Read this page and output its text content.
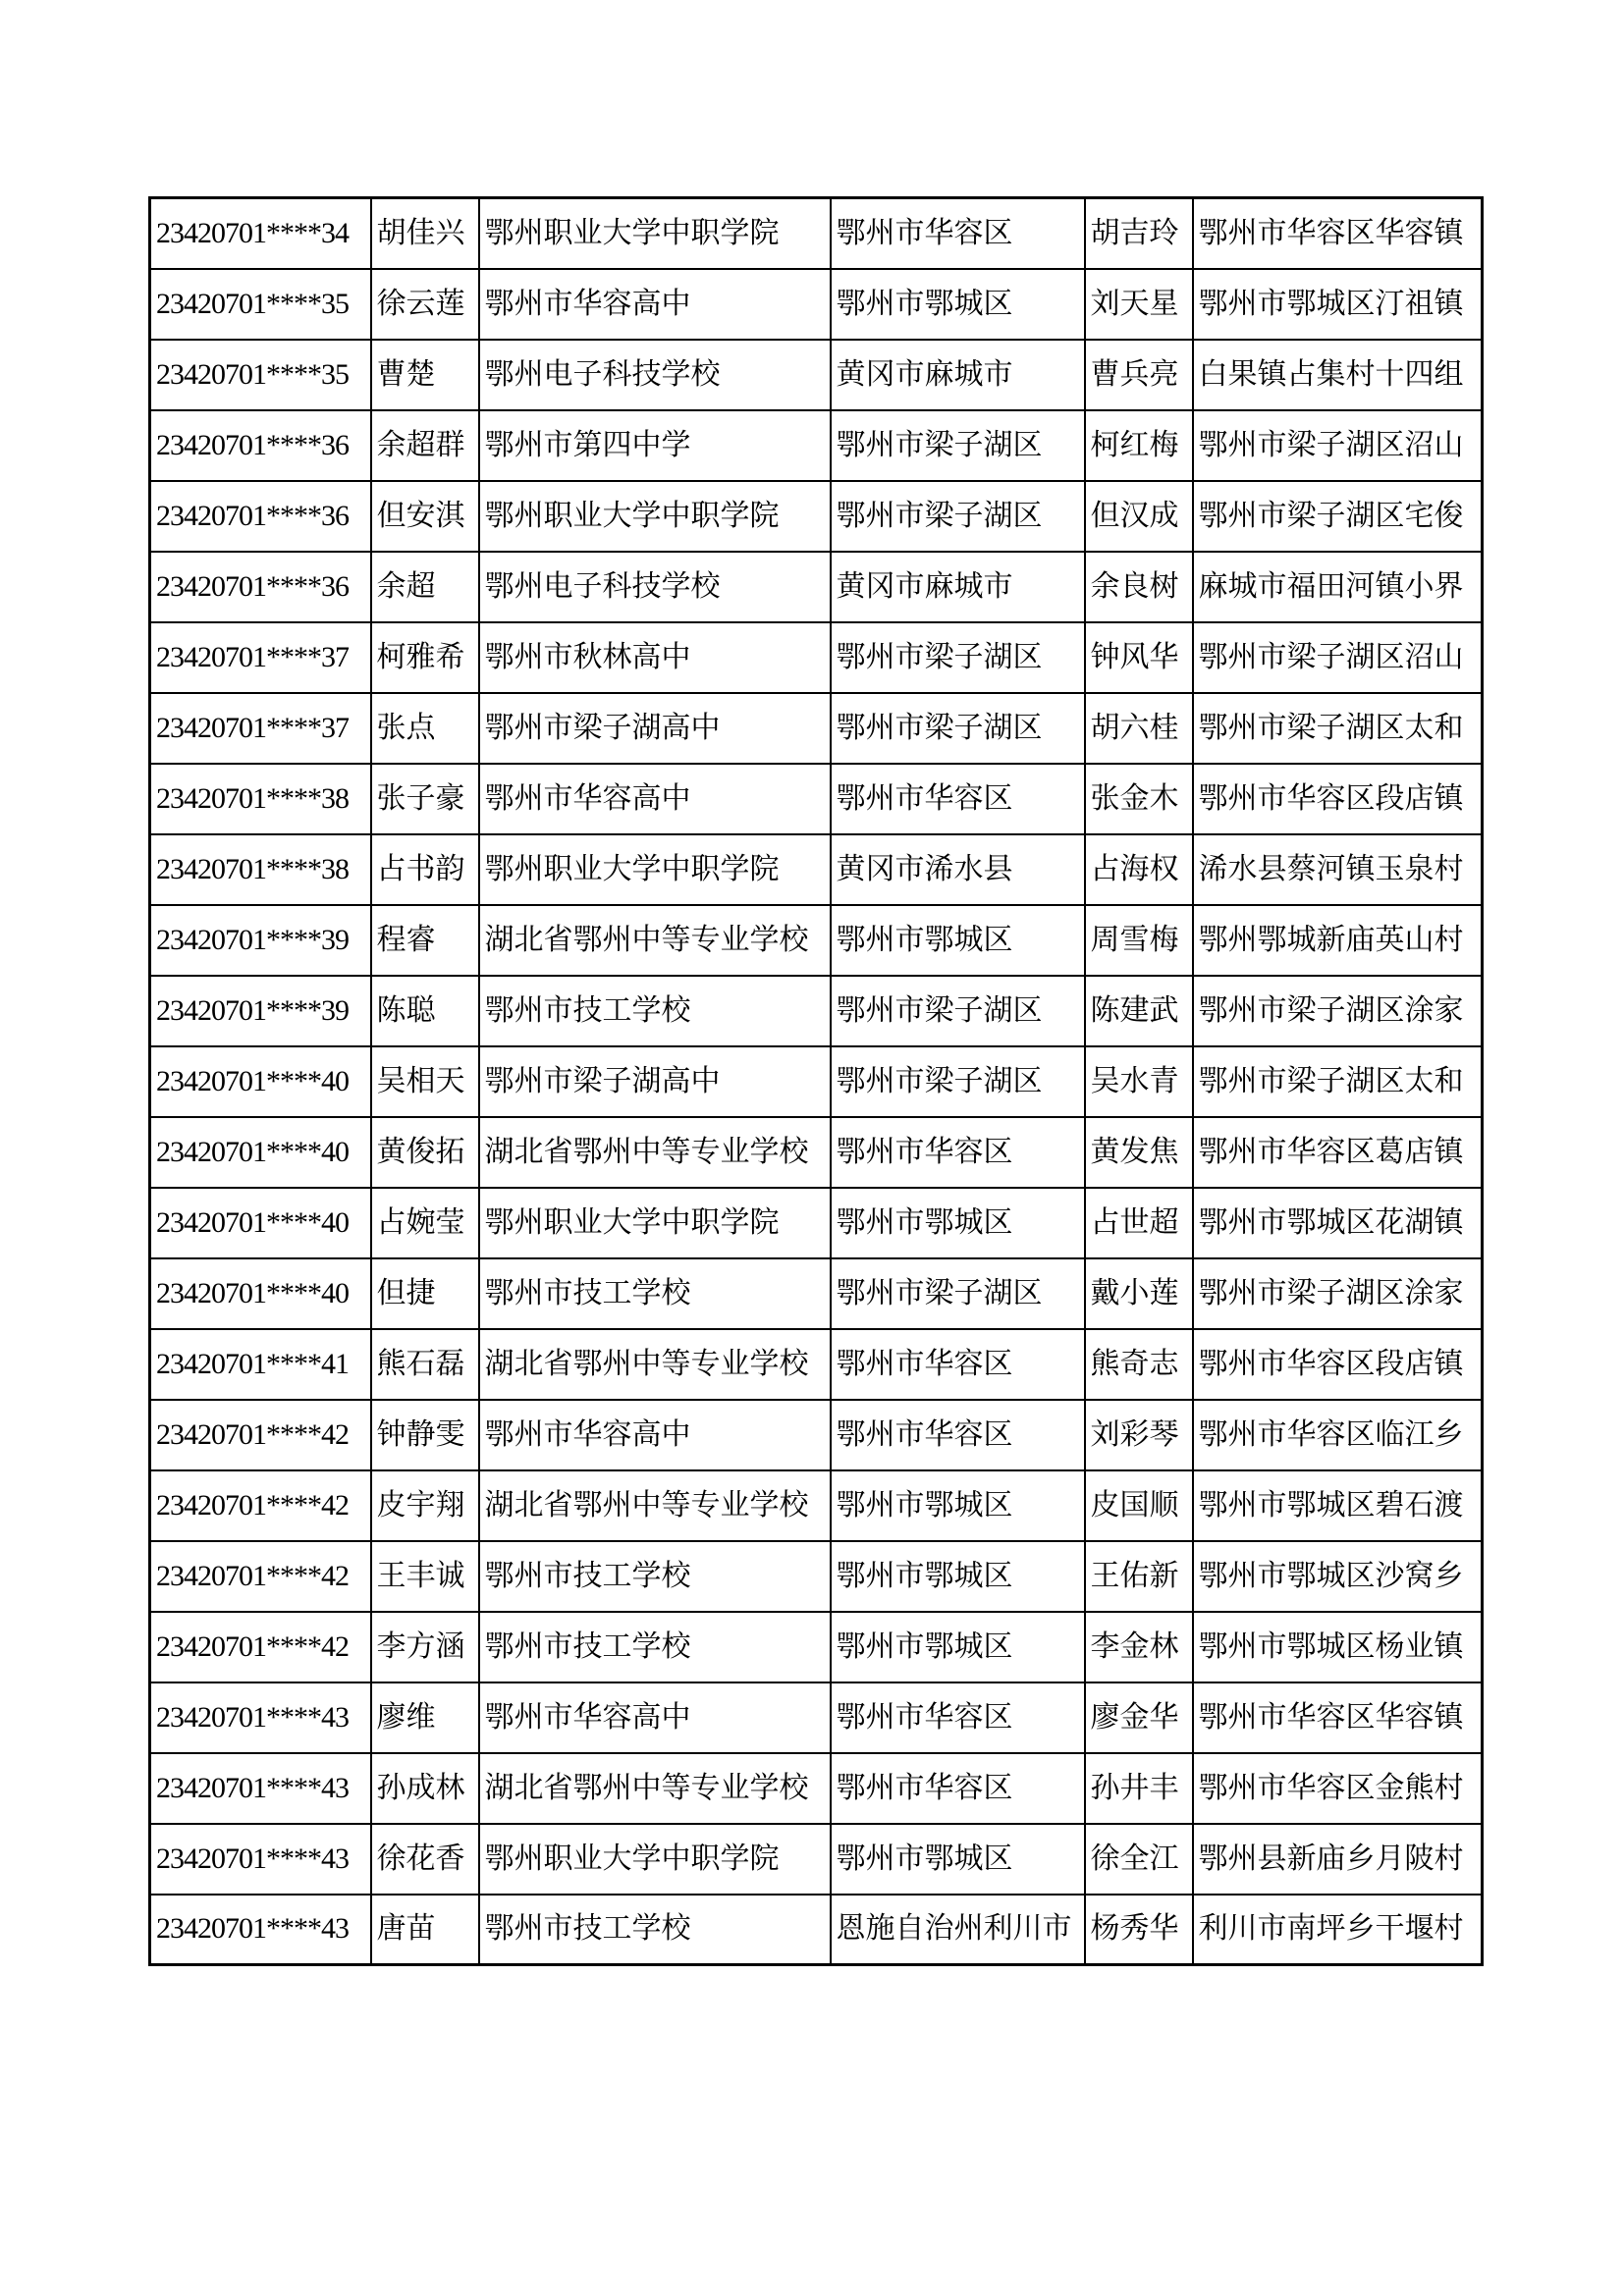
23420701****34	胡佳兴	鄂州职业大学中职学院	鄂州市华容区	胡吉玲	鄂州市华容区华容镇
23420701****35	徐云莲	鄂州市华容高中	鄂州市鄂城区	刘天星	鄂州市鄂城区汀祖镇
23420701****35	曹楚	鄂州电子科技学校	黄冈市麻城市	曹兵亮	白果镇占集村十四组
23420701****36	余超群	鄂州市第四中学	鄂州市梁子湖区	柯红梅	鄂州市梁子湖区沼山
23420701****36	但安淇	鄂州职业大学中职学院	鄂州市梁子湖区	但汉成	鄂州市梁子湖区宅俊
23420701****36	余超	鄂州电子科技学校	黄冈市麻城市	余良树	麻城市福田河镇小界
23420701****37	柯雅希	鄂州市秋林高中	鄂州市梁子湖区	钟风华	鄂州市梁子湖区沼山
23420701****37	张点	鄂州市梁子湖高中	鄂州市梁子湖区	胡六桂	鄂州市梁子湖区太和
23420701****38	张子豪	鄂州市华容高中	鄂州市华容区	张金木	鄂州市华容区段店镇
23420701****38	占书韵	鄂州职业大学中职学院	黄冈市浠水县	占海权	浠水县蔡河镇玉泉村
23420701****39	程睿	湖北省鄂州中等专业学校	鄂州市鄂城区	周雪梅	鄂州鄂城新庙英山村
23420701****39	陈聪	鄂州市技工学校	鄂州市梁子湖区	陈建武	鄂州市梁子湖区涂家
23420701****40	吴相天	鄂州市梁子湖高中	鄂州市梁子湖区	吴水青	鄂州市梁子湖区太和
23420701****40	黄俊拓	湖北省鄂州中等专业学校	鄂州市华容区	黄发焦	鄂州市华容区葛店镇
23420701****40	占婉莹	鄂州职业大学中职学院	鄂州市鄂城区	占世超	鄂州市鄂城区花湖镇
23420701****40	但捷	鄂州市技工学校	鄂州市梁子湖区	戴小莲	鄂州市梁子湖区涂家
23420701****41	熊石磊	湖北省鄂州中等专业学校	鄂州市华容区	熊奇志	鄂州市华容区段店镇
23420701****42	钟静雯	鄂州市华容高中	鄂州市华容区	刘彩琴	鄂州市华容区临江乡
23420701****42	皮宇翔	湖北省鄂州中等专业学校	鄂州市鄂城区	皮国顺	鄂州市鄂城区碧石渡
23420701****42	王丰诚	鄂州市技工学校	鄂州市鄂城区	王佑新	鄂州市鄂城区沙窝乡
23420701****42	李方涵	鄂州市技工学校	鄂州市鄂城区	李金林	鄂州市鄂城区杨业镇
23420701****43	廖维	鄂州市华容高中	鄂州市华容区	廖金华	鄂州市华容区华容镇
23420701****43	孙成林	湖北省鄂州中等专业学校	鄂州市华容区	孙井丰	鄂州市华容区金熊村
23420701****43	徐花香	鄂州职业大学中职学院	鄂州市鄂城区	徐全江	鄂州县新庙乡月陂村
23420701****43	唐苗	鄂州市技工学校	恩施自治州利川市	杨秀华	利川市南坪乡干堰村
